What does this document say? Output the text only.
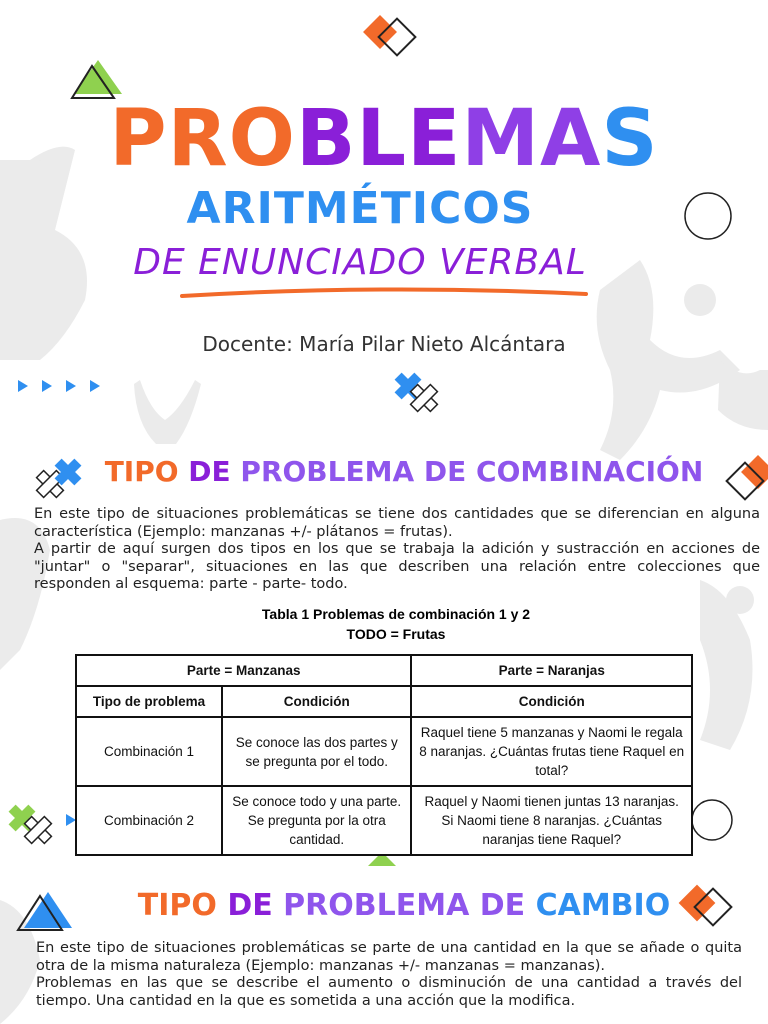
PROBLEMAS
ARITMÉTICOS
DE ENUNCIADO VERBAL
Docente: María Pilar Nieto Alcántara
TIPO DE PROBLEMA DE COMBINACIÓN

En este tipo de situaciones problemáticas se tiene dos cantidades que se diferencian en alguna característica (Ejemplo: manzanas +/- plátanos = frutas).

A partir de aquí surgen dos tipos en los que se trabaja la adición y sustracción en acciones de "juntar" o "separar", situaciones en las que describen una relación entre colecciones que responden al esquema: parte - parte- todo.

Tabla 1 Problemas de combinación 1 y 2
TODO = Frutas
Parte = Manzanas		Parte = Naranjas
Tipo de problema	Condición	Condición
Combinación 1	Se conoce las dos partes y se pregunta por el todo.	Raquel tiene 5 manzanas y Naomi le regala 8 naranjas. ¿Cuántas frutas tiene Raquel en total?
Combinación 2	Se conoce todo y una parte. Se pregunta por la otra cantidad.	Raquel y Naomi tienen juntas 13 naranjas. Si Naomi tiene 8 naranjas. ¿Cuántas naranjas tiene Raquel?
TIPO DE PROBLEMA DE CAMBIO

En este tipo de situaciones problemáticas se parte de una cantidad en la que se añade o quita otra de la misma naturaleza (Ejemplo: manzanas +/- manzanas = manzanas).

Problemas en las que se describe el aumento o disminución de una cantidad a través del tiempo. Una cantidad en la que es sometida a una acción que la modifica.
